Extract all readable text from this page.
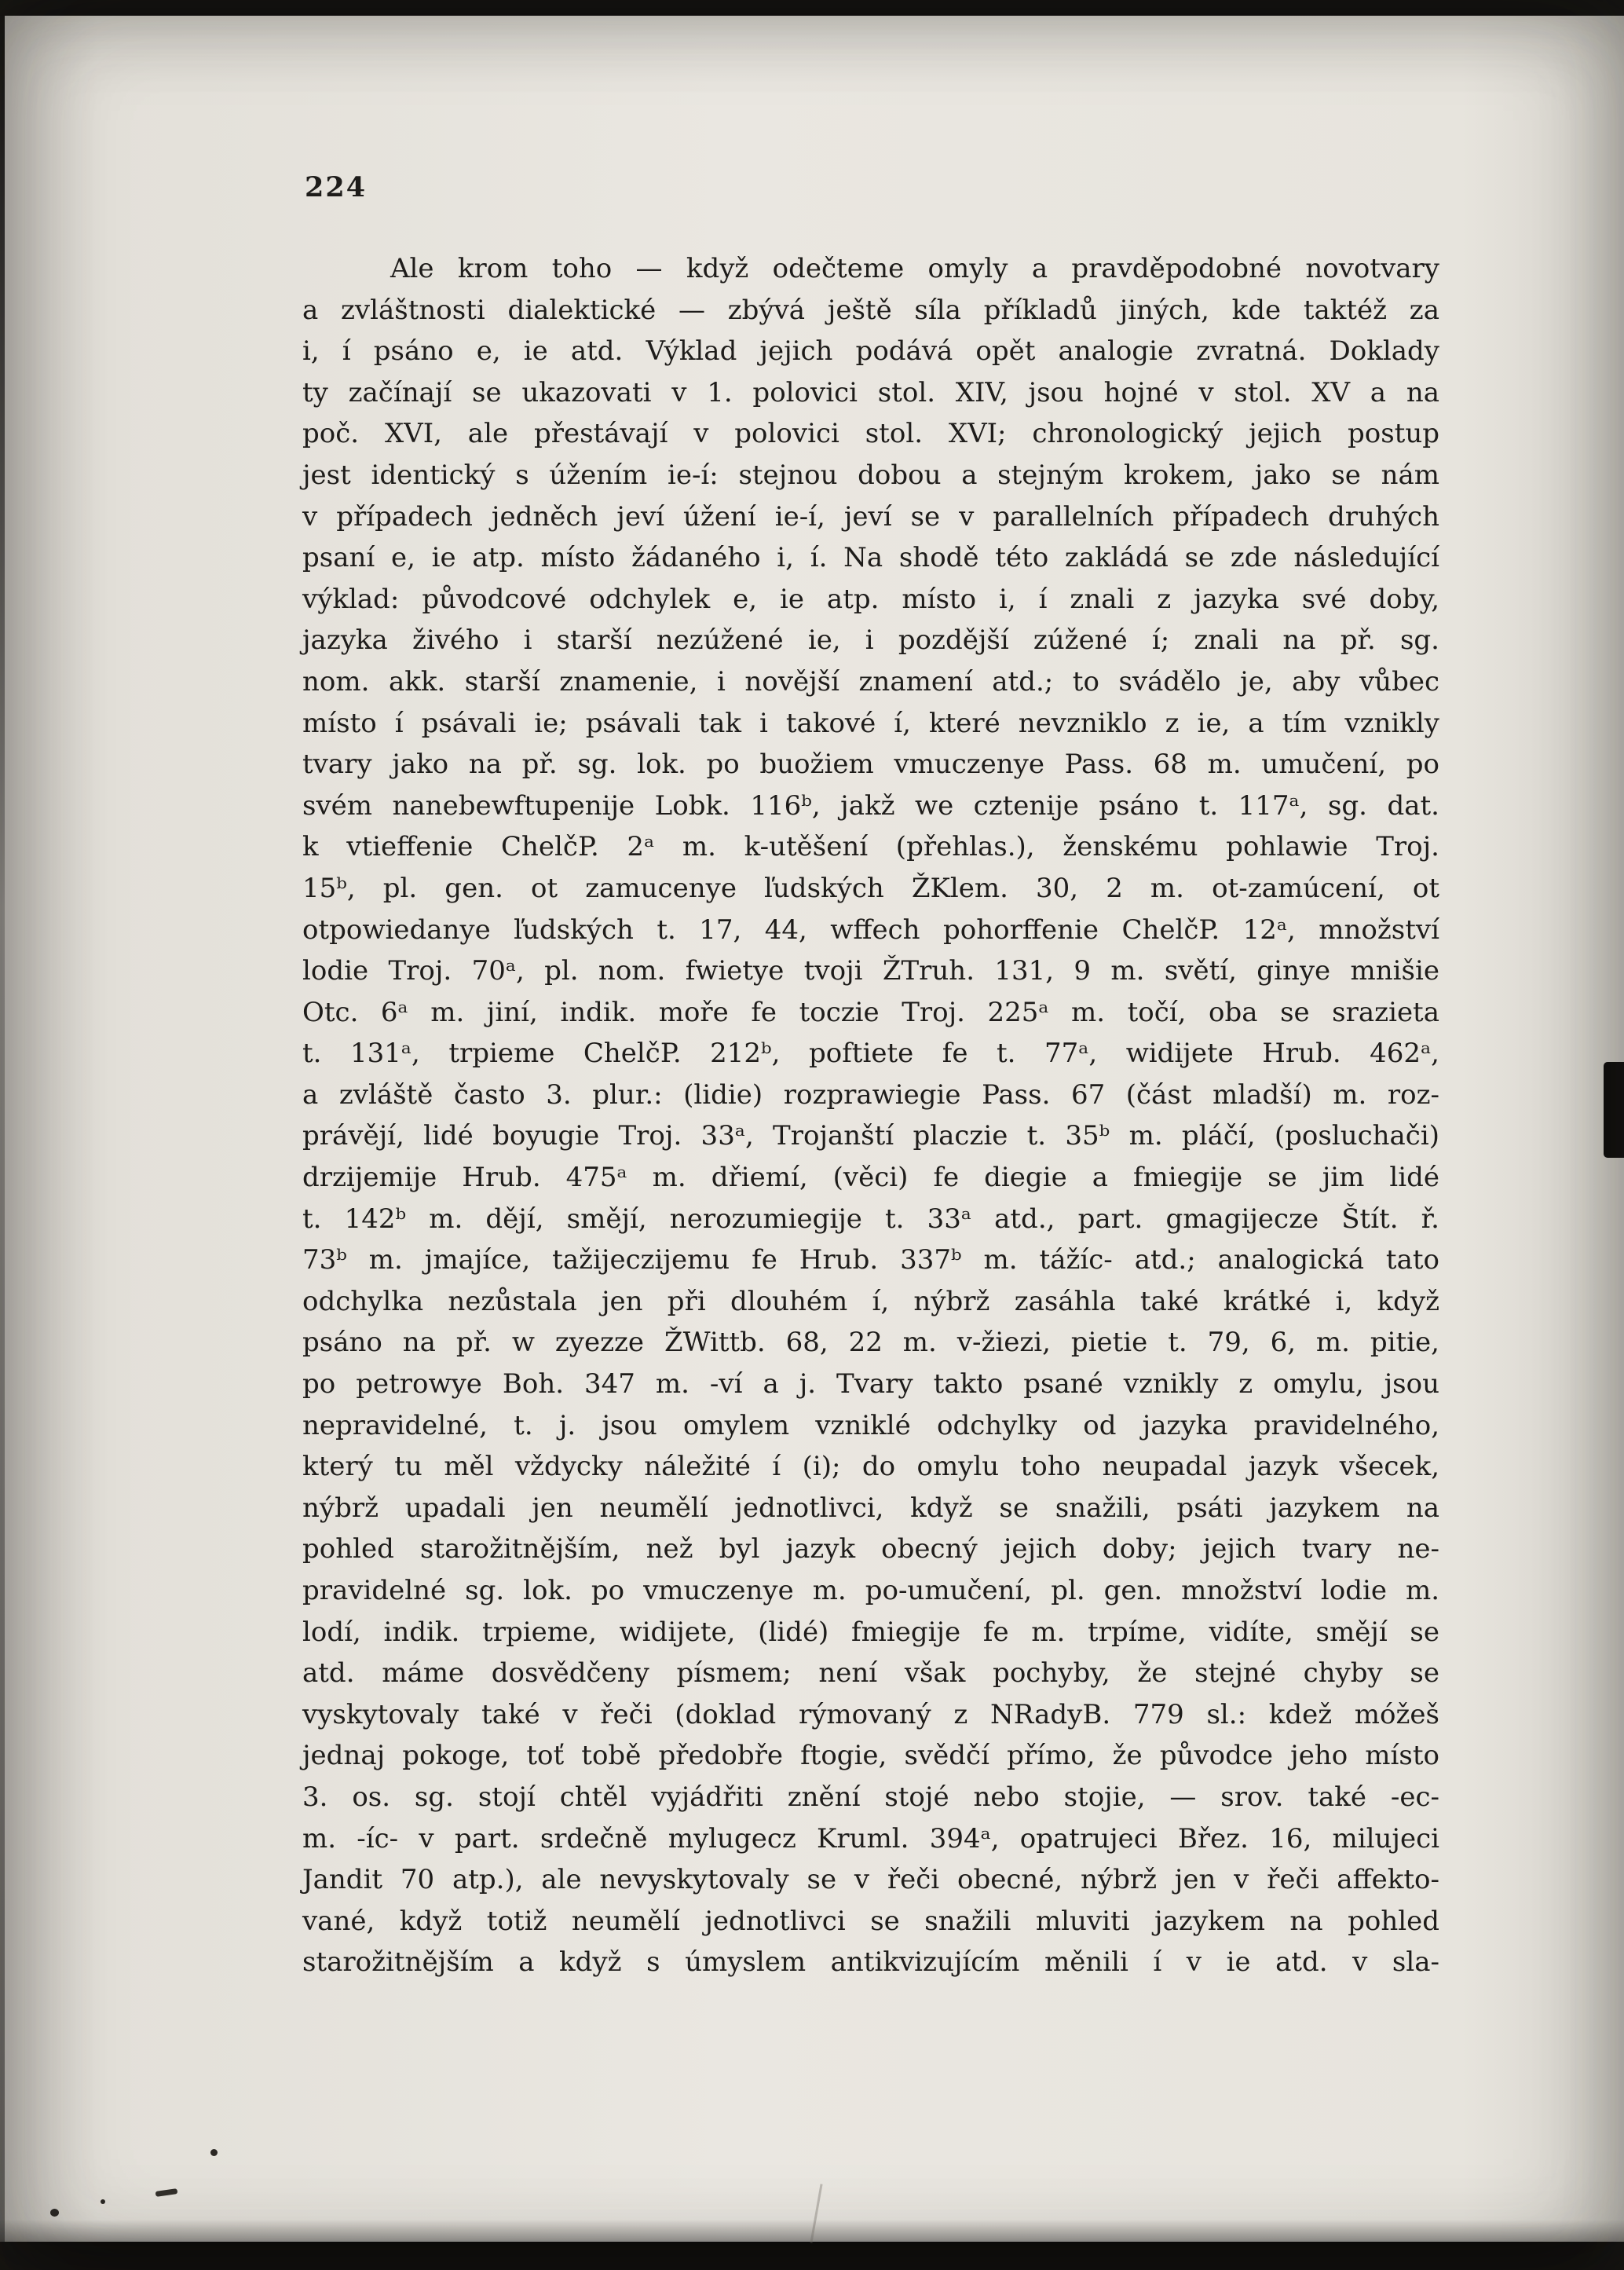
224
Ale krom toho — když odečteme omyly a pravděpodobné novotvary
a zvláštnosti dialektické — zbývá ještě síla příkladů jiných, kde taktéž za
i, í psáno e, ie atd. Výklad jejich podává opět analogie zvratná. Doklady
ty začínají se ukazovati v 1. polovici stol. XIV, jsou hojné v stol. XV a na
poč. XVI, ale přestávají v polovici stol. XVI; chronologický jejich postup
jest identický s úžením ie-í: stejnou dobou a stejným krokem, jako se nám
v případech jedněch jeví úžení ie-í, jeví se v parallelních případech druhých
psaní e, ie atp. místo žádaného i, í. Na shodě této zakládá se zde následující
výklad: původcové odchylek e, ie atp. místo i, í znali z jazyka své doby,
jazyka živého i starší nezúžené ie, i pozdější zúžené í; znali na př. sg.
nom. akk. starší znamenie, i novější znamení atd.; to svádělo je, aby vůbec
místo í psávali ie; psávali tak i takové í, které nevzniklo z ie, a tím vznikly
tvary jako na př. sg. lok. po buožiem vmuczenye Pass. 68 m. umučení, po
svém nanebewftupenije Lobk. 116ᵇ, jakž we cztenije psáno t. 117ᵃ, sg. dat.
k vtieffenie ChelčP. 2ᵃ m. k-utěšení (přehlas.), ženskému pohlawie Troj.
15ᵇ, pl. gen. ot zamucenye ľudských ŽKlem. 30, 2 m. ot-zamúcení, ot
otpowiedanye ľudských t. 17, 44, wffech pohorffenie ChelčP. 12ᵃ, množství
lodie Troj. 70ᵃ, pl. nom. fwietye tvoji ŽTruh. 131, 9 m. světí, ginye mnišie
Otc. 6ᵃ m. jiní, indik. moře fe toczie Troj. 225ᵃ m. točí, oba se srazieta
t. 131ᵃ, trpieme ChelčP. 212ᵇ, poftiete fe t. 77ᵃ, widijete Hrub. 462ᵃ,
a zvláště často 3. plur.: (lidie) rozprawiegie Pass. 67 (část mladší) m. roz-
právějí, lidé boyugie Troj. 33ᵃ, Trojanští placzie t. 35ᵇ m. pláčí, (posluchači)
drzijemije Hrub. 475ᵃ m. dřiemí, (věci) fe diegie a fmiegije se jim lidé
t. 142ᵇ m. dějí, smějí, nerozumiegije t. 33ᵃ atd., part. gmagijecze Štít. ř.
73ᵇ m. jmajíce, tažijeczijemu fe Hrub. 337ᵇ m. tážíc- atd.; analogická tato
odchylka nezůstala jen při dlouhém í, nýbrž zasáhla také krátké i, když
psáno na př. w zyezze ŽWittb. 68, 22 m. v-žiezi, pietie t. 79, 6, m. pitie,
po petrowye Boh. 347 m. -ví a j. Tvary takto psané vznikly z omylu, jsou
nepravidelné, t. j. jsou omylem vzniklé odchylky od jazyka pravidelného,
který tu měl vždycky náležité í (i); do omylu toho neupadal jazyk všecek,
nýbrž upadali jen neumělí jednotlivci, když se snažili, psáti jazykem na
pohled starožitnějším, než byl jazyk obecný jejich doby; jejich tvary ne-
pravidelné sg. lok. po vmuczenye m. po-umučení, pl. gen. množství lodie m.
lodí, indik. trpieme, widijete, (lidé) fmiegije fe m. trpíme, vidíte, smějí se
atd. máme dosvědčeny písmem; není však pochyby, že stejné chyby se
vyskytovaly také v řeči (doklad rýmovaný z NRadyB. 779 sl.: kdež móžeš
jednaj pokoge, toť tobě předobře ftogie, svědčí přímo, že původce jeho místo
3. os. sg. stojí chtěl vyjádřiti znění stojé nebo stojie, — srov. také -ec-
m. -íc- v part. srdečně mylugecz Kruml. 394ᵃ, opatrujeci Břez. 16, milujeci
Jandit 70 atp.), ale nevyskytovaly se v řeči obecné, nýbrž jen v řeči affekto-
vané, když totiž neumělí jednotlivci se snažili mluviti jazykem na pohled
starožitnějším a když s úmyslem antikvizujícím měnili í v ie atd. v sla-
